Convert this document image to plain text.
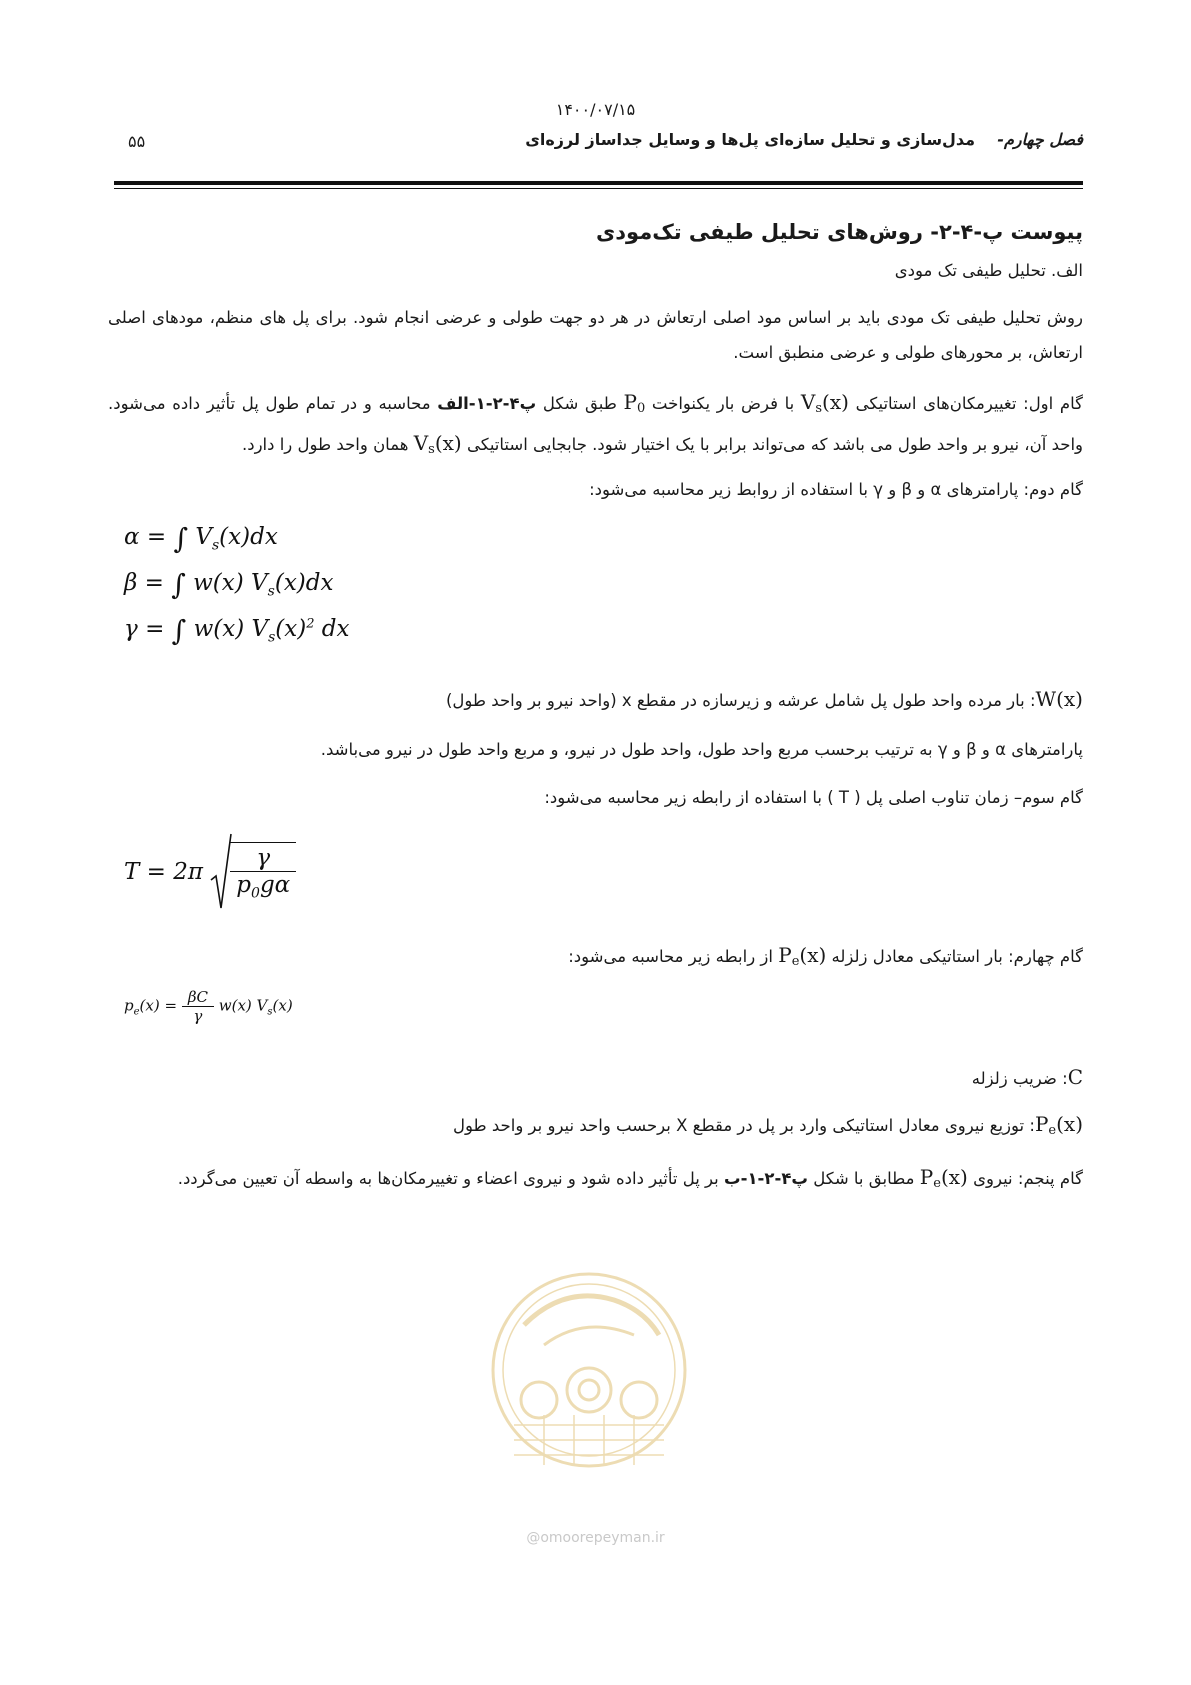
۱۴۰۰/۰۷/۱۵
۵۵	فصل چهارم-    مدل‌سازی و تحلیل سازه‌ای پل‌ها و وسایل جداساز لرزه‌ای
پیوست پ-۴-۲- روش‌های تحلیل طیفی تک‌مودی
الف. تحلیل طیفی تک مودی
روش تحلیل طیفی تک مودی باید بر اساس مود اصلی ارتعاش در هر دو جهت طولی و عرضی انجام شود. برای پل های منظم، مودهای اصلی ارتعاش، بر محورهای طولی و عرضی منطبق است.
گام اول: تغییرمکان‌های استاتیکی $V_s(x)$ با فرض بار یکنواخت $P_0$ طبق شکل پ۴-۲-۱-الف محاسبه و در تمام طول پل تأثیر داده می‌شود. واحد آن، نیرو بر واحد طول می باشد که می‌تواند برابر با یک اختیار شود. جابجایی استاتیکی $V_s(x)$ همان واحد طول را دارد.
گام دوم: پارامترهای α و β و γ با استفاده از روابط زیر محاسبه می‌شود:
α = ∫ $V_s(x)dx$
β = ∫ w(x) $V_s(x)dx$
γ = ∫ w(x) $V_s(x)^2$ dx
W(x): بار مرده واحد طول پل شامل عرشه و زیرسازه در مقطع x (واحد نیرو بر واحد طول)
پارامترهای α و β و γ به ترتیب برحسب مربع واحد طول، واحد طول در نیرو، و مربع واحد طول در نیرو می‌باشد.
گام سوم– زمان تناوب اصلی پل ( T ) با استفاده از رابطه زیر محاسبه می‌شود:
$T = 2\pi \frac{\gamma}{p_0g\alpha}$
گام چهارم: بار استاتیکی معادل زلزله $P_e(x)$ از رابطه زیر محاسبه می‌شود:
$p_e(x) = \frac{\beta C}{\gamma} w(x)$ $V_s(x)$
C: ضریب زلزله
$P_e(x)$: توزیع نیروی معادل استاتیکی وارد بر پل در مقطع X برحسب واحد نیرو بر واحد طول
گام پنجم: نیروی $P_e(x)$ مطابق با شکل پ۴-۲-۱-ب بر پل تأثیر داده شود و نیروی اعضاء و تغییرمکان‌ها به واسطه آن تعیین می‌گردد.
@omoorepeyman.ir
